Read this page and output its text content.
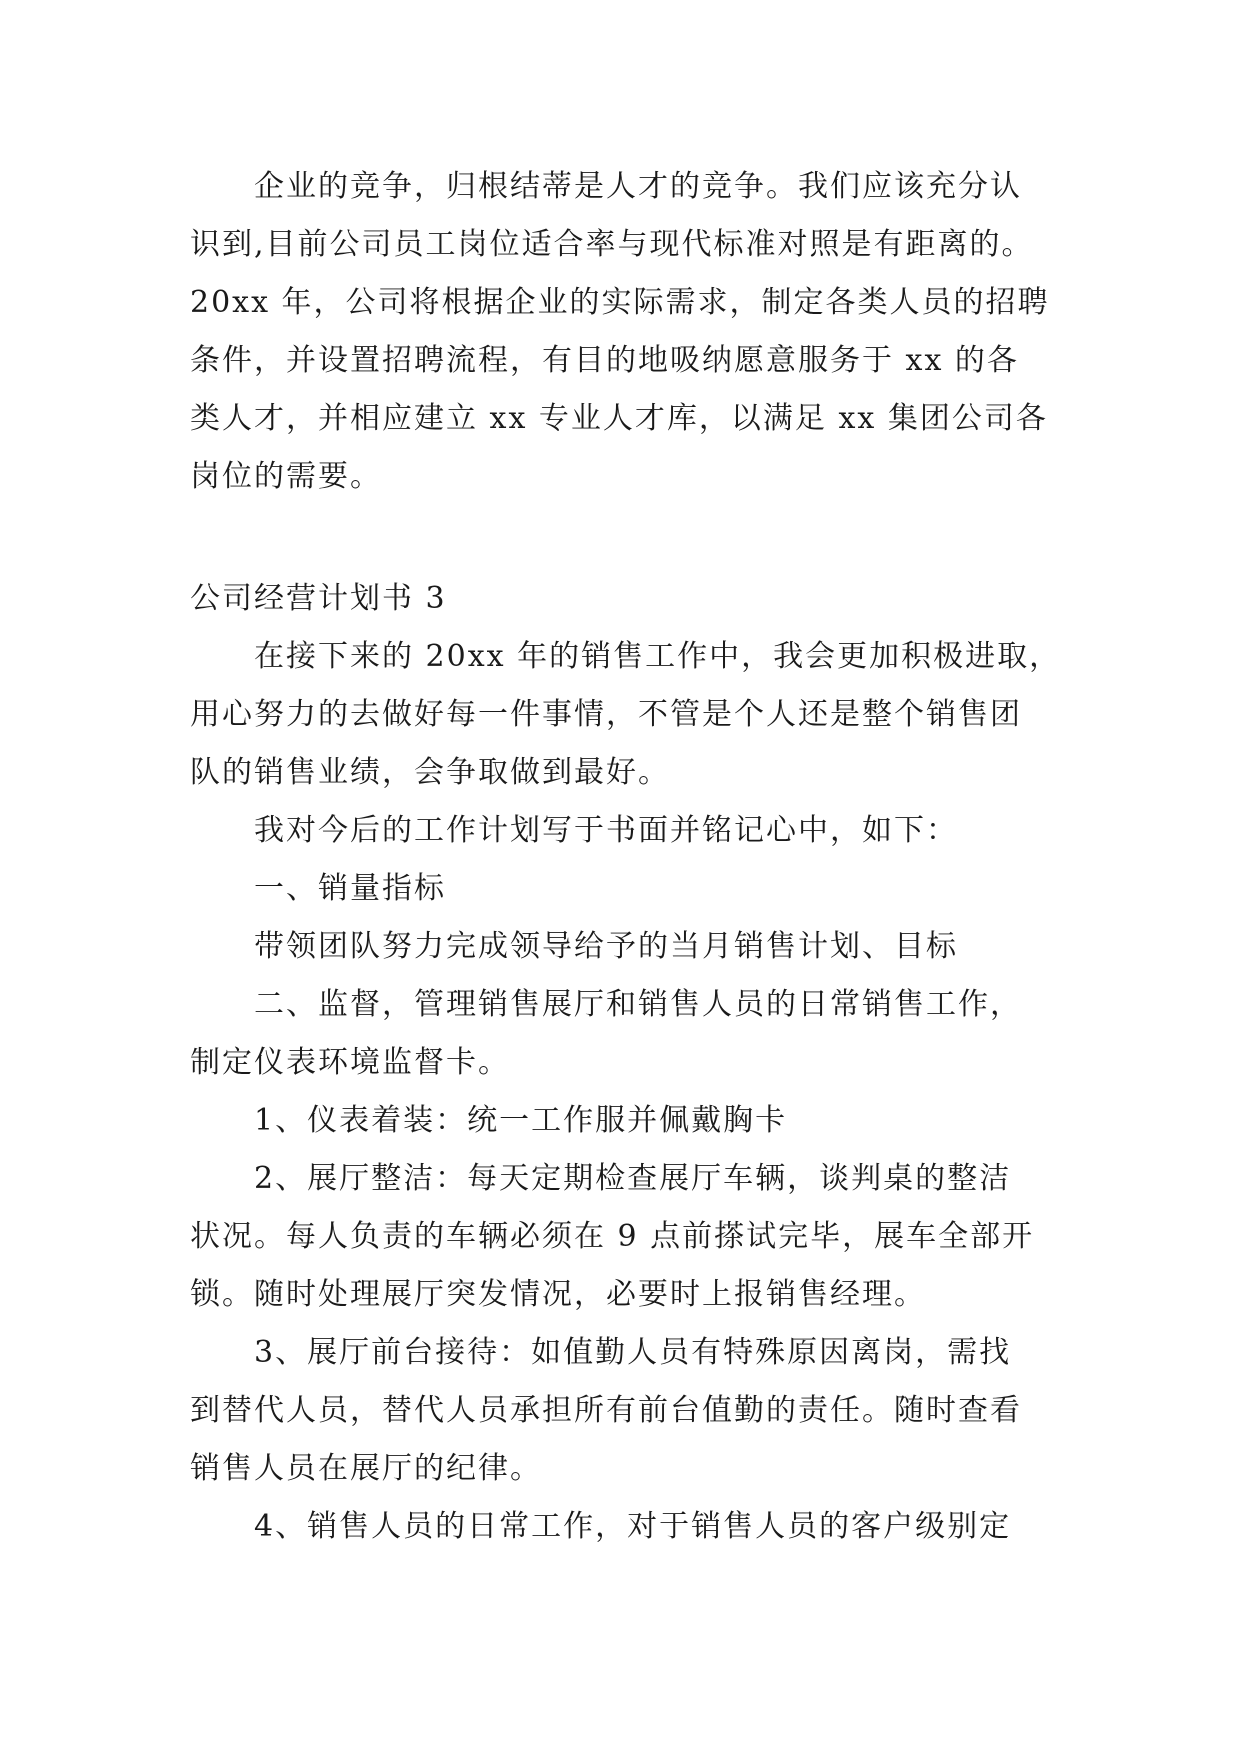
企业的竞争，归根结蒂是人才的竞争。我们应该充分认
识到,目前公司员工岗位适合率与现代标准对照是有距离的。
20xx 年，公司将根据企业的实际需求，制定各类人员的招聘
条件，并设置招聘流程，有目的地吸纳愿意服务于 xx 的各
类人才，并相应建立 xx 专业人才库，以满足 xx 集团公司各
岗位的需要。
公司经营计划书 3
在接下来的 20xx 年的销售工作中，我会更加积极进取，
用心努力的去做好每一件事情，不管是个人还是整个销售团
队的销售业绩，会争取做到最好。
我对今后的工作计划写于书面并铭记心中，如下：
一、销量指标
带领团队努力完成领导给予的当月销售计划、目标
二、监督，管理销售展厅和销售人员的日常销售工作，
制定仪表环境监督卡。
1、仪表着装：统一工作服并佩戴胸卡
2、展厅整洁：每天定期检查展厅车辆，谈判桌的整洁
状况。每人负责的车辆必须在 9 点前搽试完毕，展车全部开
锁。随时处理展厅突发情况，必要时上报销售经理。
3、展厅前台接待：如值勤人员有特殊原因离岗，需找
到替代人员，替代人员承担所有前台值勤的责任。随时查看
销售人员在展厅的纪律。
4、销售人员的日常工作，对于销售人员的客户级别定
